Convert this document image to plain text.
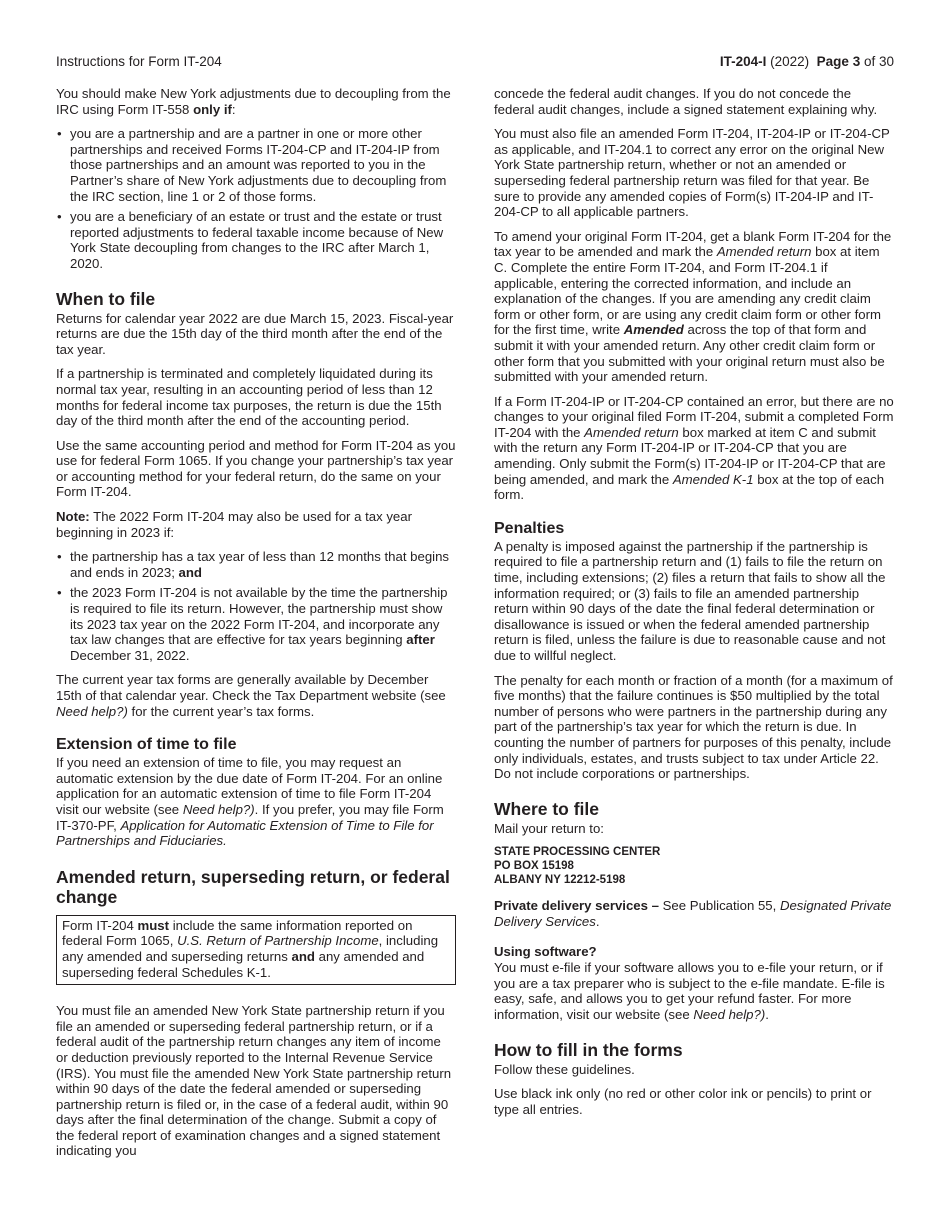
Instructions for Form IT-204	IT-204-I (2022) Page 3 of 30

You should make New York adjustments due to decoupling from the IRC using Form IT-558 only if:

• you are a partnership and are a partner in one or more other partnerships and received Forms IT-204-CP and IT-204-IP from those partnerships and an amount was reported to you in the Partner’s share of New York adjustments due to decoupling from the IRC section, line 1 or 2 of those forms.
• you are a beneficiary of an estate or trust and the estate or trust reported adjustments to federal taxable income because of New York State decoupling from changes to the IRC after March 1, 2020.
When to file

Returns for calendar year 2022 are due March 15, 2023. Fiscal-year returns are due the 15th day of the third month after the end of the tax year.

If a partnership is terminated and completely liquidated during its normal tax year, resulting in an accounting period of less than 12 months for federal income tax purposes, the return is due the 15th day of the third month after the end of the accounting period.

Use the same accounting period and method for Form IT-204 as you use for federal Form 1065. If you change your partnership’s tax year or accounting method for your federal return, do the same on your Form IT-204.

Note: The 2022 Form IT-204 may also be used for a tax year beginning in 2023 if:

• the partnership has a tax year of less than 12 months that begins and ends in 2023; and
• the 2023 Form IT-204 is not available by the time the partnership is required to file its return. However, the partnership must show its 2023 tax year on the 2022 Form IT-204, and incorporate any tax law changes that are effective for tax years beginning after December 31, 2022.

The current year tax forms are generally available by December 15th of that calendar year. Check the Tax Department website (see Need help?) for the current year’s tax forms.

Extension of time to file

If you need an extension of time to file, you may request an automatic extension by the due date of Form IT-204. For an online application for an automatic extension of time to file Form IT-204 visit our website (see Need help?). If you prefer, you may file Form IT-370-PF, Application for Automatic Extension of Time to File for Partnerships and Fiduciaries.

Amended return, superseding return, or federal change

Form IT-204 must include the same information reported on federal Form 1065, U.S. Return of Partnership Income, including any amended and superseding returns and any amended and superseding federal Schedules K-1.

You must file an amended New York State partnership return if you file an amended or superseding federal partnership return, or if a federal audit of the partnership return changes any item of income or deduction previously reported to the Internal Revenue Service (IRS). You must file the amended New York State partnership return within 90 days of the date the federal amended or superseding partnership return is filed or, in the case of a federal audit, within 90 days after the final determination of the change. Submit a copy of the federal report of examination changes and a signed statement indicating you

concede the federal audit changes. If you do not concede the federal audit changes, include a signed statement explaining why.

You must also file an amended Form IT-204, IT-204-IP or IT-204-CP as applicable, and IT-204.1 to correct any error on the original New York State partnership return, whether or not an amended or superseding federal partnership return was filed for that year. Be sure to provide any amended copies of Form(s) IT-204-IP and IT-204-CP to all applicable partners.

To amend your original Form IT-204, get a blank Form IT-204 for the tax year to be amended and mark the Amended return box at item C. Complete the entire Form IT-204, and Form IT-204.1 if applicable, entering the corrected information, and include an explanation of the changes. If you are amending any credit claim form or other form, or are using any credit claim form or other form for the first time, write Amended across the top of that form and submit it with your amended return. Any other credit claim form or other form that you submitted with your original return must also be submitted with your amended return.

If a Form IT-204-IP or IT-204-CP contained an error, but there are no changes to your original filed Form IT-204, submit a completed Form IT-204 with the Amended return box marked at item C and submit with the return any Form IT-204-IP or IT-204-CP that you are amending. Only submit the Form(s) IT-204-IP or IT-204-CP that are being amended, and mark the Amended K-1 box at the top of each form.

Penalties

A penalty is imposed against the partnership if the partnership is required to file a partnership return and (1) fails to file the return on time, including extensions; (2) files a return that fails to show all the information required; or (3) fails to file an amended partnership return within 90 days of the date the final federal determination or disallowance is issued or when the federal amended partnership return is filed, unless the failure is due to reasonable cause and not due to willful neglect.

The penalty for each month or fraction of a month (for a maximum of five months) that the failure continues is $50 multiplied by the total number of persons who were partners in the partnership during any part of the partnership’s tax year for which the return is due. In counting the number of partners for purposes of this penalty, include only individuals, estates, and trusts subject to tax under Article 22. Do not include corporations or partnerships.

Where to file

Mail your return to:

STATE PROCESSING CENTER
PO BOX 15198
ALBANY NY 12212-5198

Private delivery services – See Publication 55, Designated Private Delivery Services.

Using software?

You must e-file if your software allows you to e-file your return, or if you are a tax preparer who is subject to the e-file mandate. E-file is easy, safe, and allows you to get your refund faster. For more information, visit our website (see Need help?).

How to fill in the forms

Follow these guidelines.

Use black ink only (no red or other color ink or pencils) to print or type all entries.
